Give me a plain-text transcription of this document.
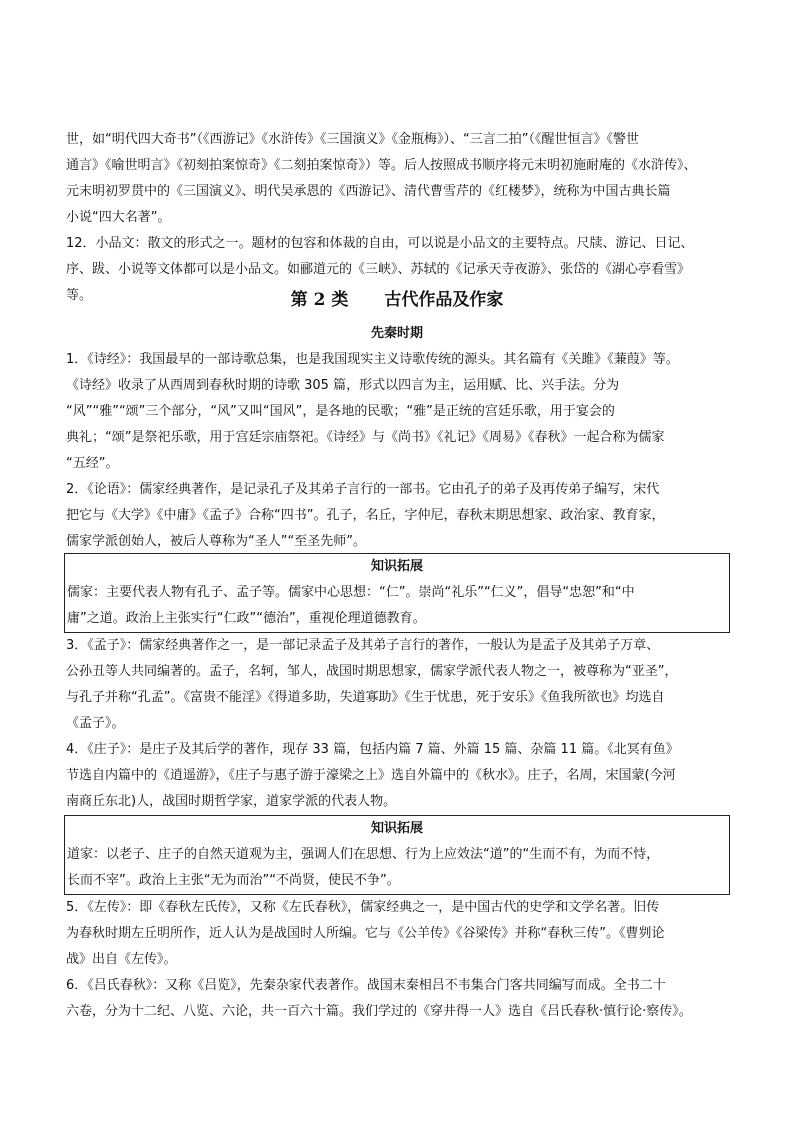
世，如“明代四大奇书”（《西游记》《水浒传》《三国演义》《金瓶梅》）、“三言二拍”（《醒世恒言》《警世
通言》《喻世明言》《初刻拍案惊奇》《二刻拍案惊奇》）等。后人按照成书顺序将元末明初施耐庵的《水浒传》、
元末明初罗贯中的《三国演义》、明代吴承恩的《西游记》、清代曹雪芹的《红楼梦》，统称为中国古典长篇
小说“四大名著”。
12．小品文：散文的形式之一。题材的包容和体裁的自由，可以说是小品文的主要特点。尺牍、游记、日记、
序、跋、小说等文体都可以是小品文。如郦道元的《三峡》、苏轼的《记承天寺夜游》、张岱的《湖心亭看雪》
等。	第 2 类 古代作品及作家
先秦时期
1．《诗经》：我国最早的一部诗歌总集，也是我国现实主义诗歌传统的源头。其名篇有《关雎》《蒹葭》等。
《诗经》收录了从西周到春秋时期的诗歌 305 篇，形式以四言为主，运用赋、比、兴手法。分为
“风”“雅”“颂”三个部分，“风”又叫“国风”，是各地的民歌；“雅”是正统的宫廷乐歌，用于宴会的
典礼；“颂”是祭祀乐歌，用于宫廷宗庙祭祀。《诗经》与《尚书》《礼记》《周易》《春秋》一起合称为儒家
“五经”。
2．《论语》：儒家经典著作，是记录孔子及其弟子言行的一部书。它由孔子的弟子及再传弟子编写，宋代
把它与《大学》《中庸》《孟子》合称“四书”。孔子，名丘，字仲尼，春秋末期思想家、政治家、教育家，
儒家学派创始人，被后人尊称为“圣人”“至圣先师”。
知识拓展
儒家：主要代表人物有孔子、孟子等。儒家中心思想：“仁”。崇尚“礼乐”“仁义”，倡导“忠恕”和“中
庸”之道。政治上主张实行“仁政”“德治”，重视伦理道德教育。
3．《孟子》：儒家经典著作之一，是一部记录孟子及其弟子言行的著作，一般认为是孟子及其弟子万章、
公孙丑等人共同编著的。孟子，名轲，邹人，战国时期思想家，儒家学派代表人物之一，被尊称为“亚圣”，
与孔子并称“孔孟”。《富贵不能淫》《得道多助，失道寡助》《生于忧患，死于安乐》《鱼我所欲也》均选自
《孟子》。
4．《庄子》：是庄子及其后学的著作，现存 33 篇，包括内篇 7 篇、外篇 15 篇、杂篇 11 篇。《北冥有鱼》
节选自内篇中的《逍遥游》，《庄子与惠子游于濠梁之上》选自外篇中的《秋水》。庄子，名周，宋国蒙(今河
南商丘东北)人，战国时期哲学家，道家学派的代表人物。
知识拓展
道家：以老子、庄子的自然天道观为主，强调人们在思想、行为上应效法“道”的“生而不有，为而不恃，
长而不宰”。政治上主张“无为而治”“不尚贤，使民不争”。
5．《左传》：即《春秋左氏传》，又称《左氏春秋》，儒家经典之一，是中国古代的史学和文学名著。旧传
为春秋时期左丘明所作，近人认为是战国时人所编。它与《公羊传》《谷梁传》并称“春秋三传”。《曹刿论
战》出自《左传》。
6．《吕氏春秋》：又称《吕览》，先秦杂家代表著作。战国末秦相吕不韦集合门客共同编写而成。全书二十
六卷，分为十二纪、八览、六论，共一百六十篇。我们学过的《穿井得一人》选自《吕氏春秋·慎行论·察传》。
